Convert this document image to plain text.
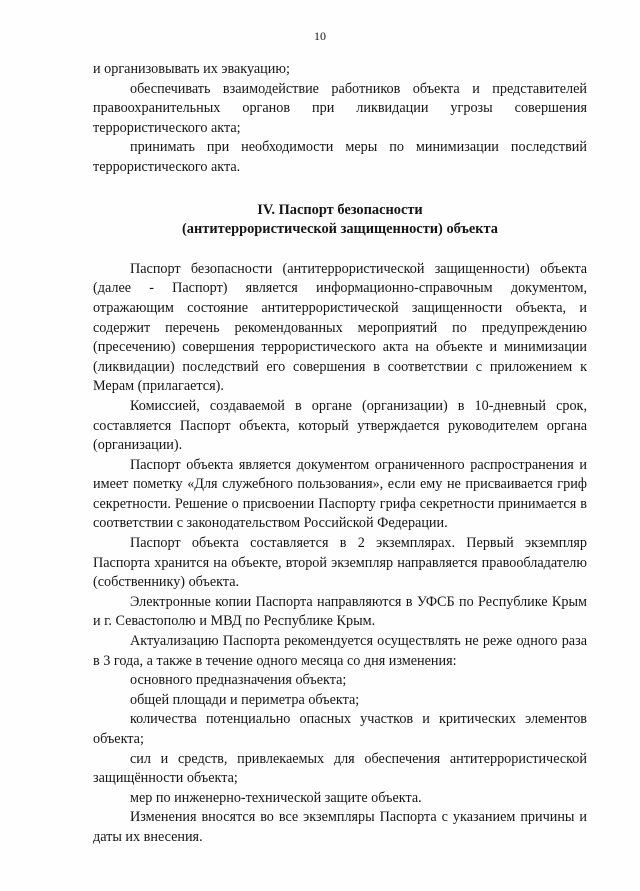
10

и организовывать их эвакуацию;

обеспечивать взаимодействие работников объекта и представителей правоохранительных органов при ликвидации угрозы совершения террористического акта;

принимать при необходимости меры по минимизации последствий террористического акта.

IV. Паспорт безопасности
(антитеррористической защищенности) объекта

Паспорт безопасности (антитеррористической защищенности) объекта (далее - Паспорт) является информационно-справочным документом, отражающим состояние антитеррористической защищенности объекта, и содержит перечень рекомендованных мероприятий по предупреждению (пресечению) совершения террористического акта на объекте и минимизации (ликвидации) последствий его совершения в соответствии с приложением к Мерам (прилагается).

Комиссией, создаваемой в органе (организации) в 10-дневный срок, составляется Паспорт объекта, который утверждается руководителем органа (организации).

Паспорт объекта является документом ограниченного распространения и имеет пометку «Для служебного пользования», если ему не присваивается гриф секретности. Решение о присвоении Паспорту грифа секретности принимается в соответствии с законодательством Российской Федерации.

Паспорт объекта составляется в 2 экземплярах. Первый экземпляр Паспорта хранится на объекте, второй экземпляр направляется правообладателю (собственнику) объекта.

Электронные копии Паспорта направляются в УФСБ по Республике Крым и г. Севастополю и МВД по Республике Крым.

Актуализацию Паспорта рекомендуется осуществлять не реже одного раза в 3 года, а также в течение одного месяца со дня изменения:

основного предназначения объекта;

общей площади и периметра объекта;

количества потенциально опасных участков и критических элементов объекта;

сил и средств, привлекаемых для обеспечения антитеррористической защищённости объекта;

мер по инженерно-технической защите объекта.

Изменения вносятся во все экземпляры Паспорта с указанием причины и даты их внесения.
